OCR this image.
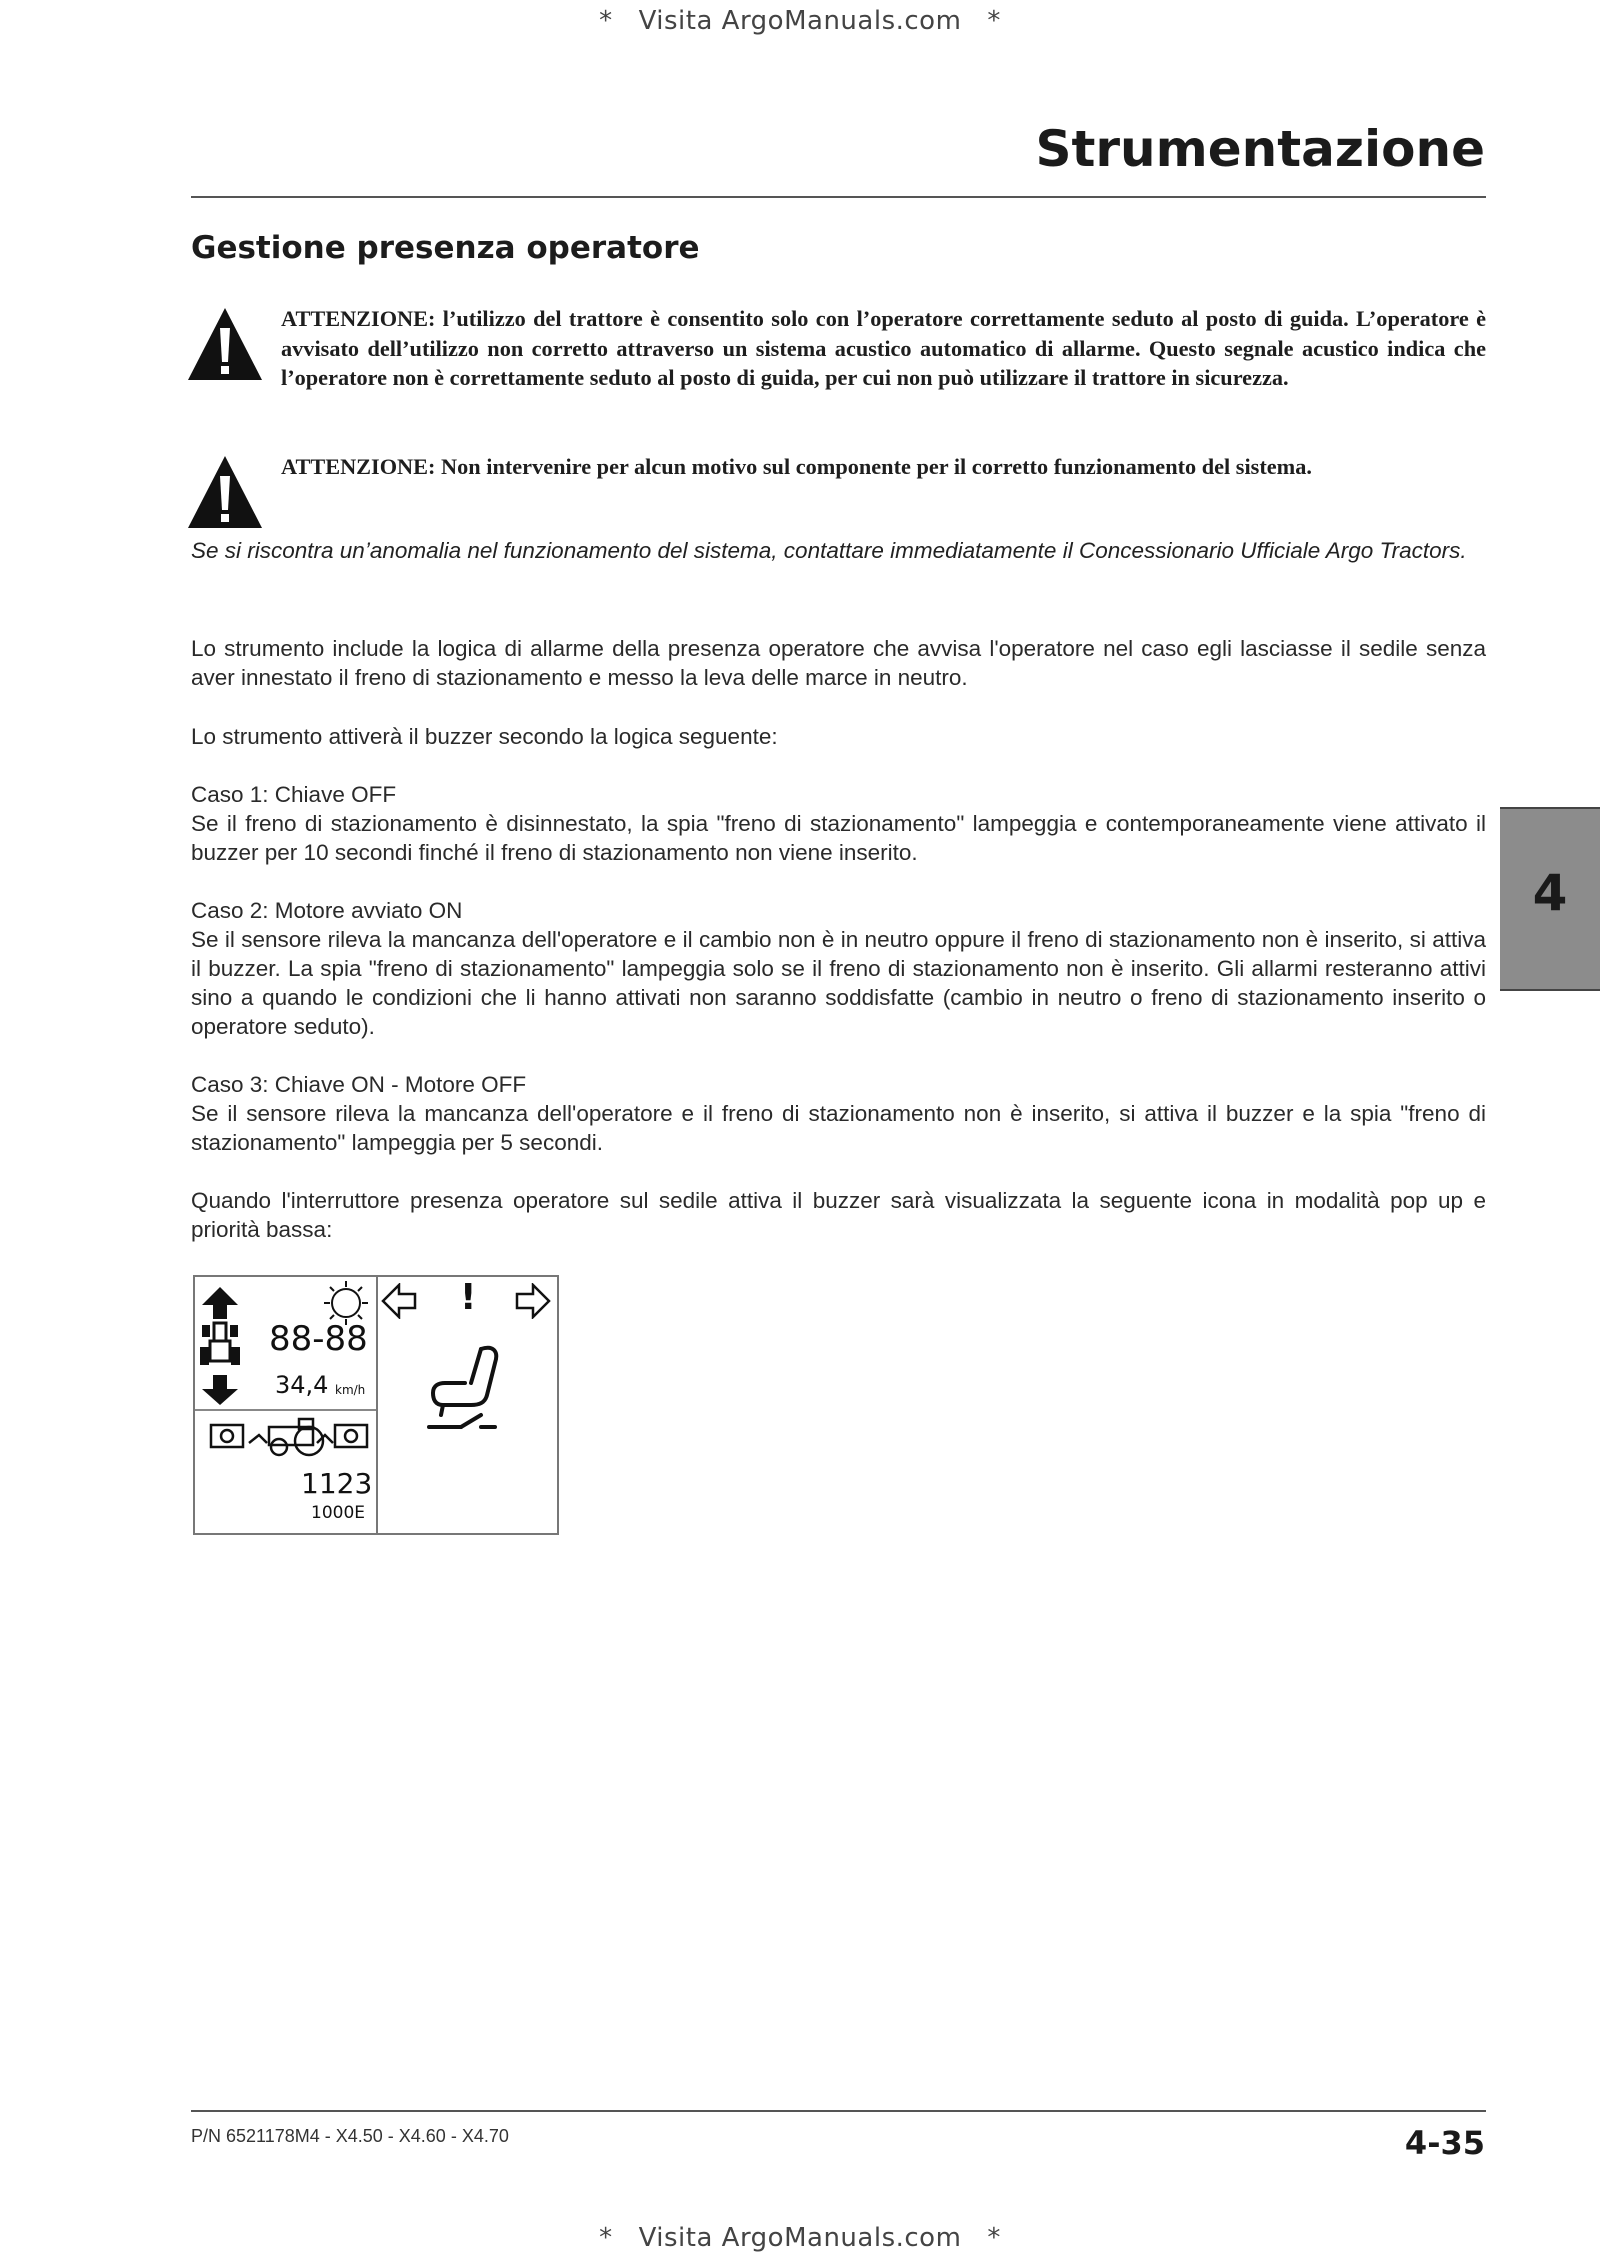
* Visita ArgoManuals.com *
Strumentazione
Gestione presenza operatore
ATTENZIONE: l’utilizzo del trattore è consentito solo con l’operatore correttamente seduto al posto di guida. L’operatore è avvisato dell’utilizzo non corretto attraverso un sistema acustico automatico di allarme. Questo segnale acustico indica che l’operatore non è correttamente seduto al posto di guida, per cui non può utilizzare il trattore in sicurezza.
ATTENZIONE: Non intervenire per alcun motivo sul componente per il corretto funzionamento del sistema.
Se si riscontra un’anomalia nel funzionamento del sistema, contattare immediatamente il Concessionario Ufficiale Argo Tractors.
Lo strumento include la logica di allarme della presenza operatore che avvisa l'operatore nel caso egli lasciasse il sedile senza aver innestato il freno di stazionamento e messo la leva delle marce in neutro.
Lo strumento attiverà il buzzer secondo la logica seguente:
Caso 1: Chiave OFF
Se il freno di stazionamento è disinnestato, la spia "freno di stazionamento" lampeggia e contemporaneamente viene attivato il buzzer per 10 secondi finché il freno di stazionamento non viene inserito.
Caso 2: Motore avviato ON
Se il sensore rileva la mancanza dell'operatore e il cambio non è in neutro oppure il freno di stazionamento non è inserito, si attiva il buzzer. La spia "freno di stazionamento" lampeggia solo se il freno di stazionamento non è inserito. Gli allarmi resteranno attivi sino a quando le condizioni che li hanno attivati non saranno soddisfatte (cambio in neutro o freno di stazionamento inserito o operatore seduto).
Caso 3: Chiave ON - Motore OFF
Se il sensore rileva la mancanza dell'operatore e il freno di stazionamento non è inserito, si attiva il buzzer e la spia "freno di stazionamento" lampeggia per 5 secondi.
Quando l'interruttore presenza operatore sul sedile attiva il buzzer sarà visualizzata la seguente icona in modalità pop up e priorità bassa:
4
88-88
34,4 km/h
1123
1000E
!
P/N 6521178M4 - X4.50 - X4.60 - X4.70	4-35
* Visita ArgoManuals.com *
